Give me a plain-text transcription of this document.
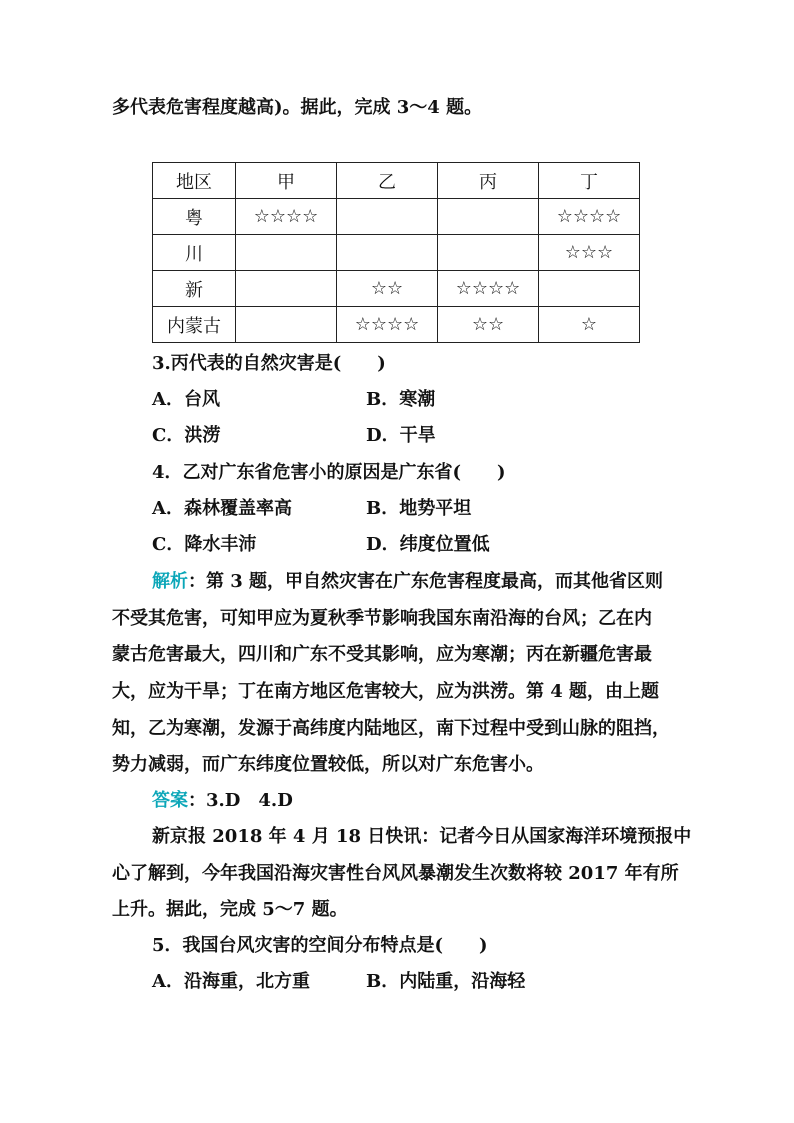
多代表危害程度越高)。据此，完成 3～4 题。
地区	甲	乙	丙	丁
粤	☆☆☆☆			☆☆☆☆
川				☆☆☆
新		☆☆	☆☆☆☆	
内蒙古		☆☆☆☆	☆☆	☆
3.丙代表的自然灾害是(　　)
A．台风	B．寒潮
C．洪涝	D．干旱
4．乙对广东省危害小的原因是广东省(　　)
A．森林覆盖率高	B．地势平坦
C．降水丰沛	D．纬度位置低
解析：第 3 题，甲自然灾害在广东危害程度最高，而其他省区则
不受其危害，可知甲应为夏秋季节影响我国东南沿海的台风；乙在内
蒙古危害最大，四川和广东不受其影响，应为寒潮；丙在新疆危害最
大，应为干旱；丁在南方地区危害较大，应为洪涝。第 4 题，由上题
知，乙为寒潮，发源于高纬度内陆地区，南下过程中受到山脉的阻挡，
势力减弱，而广东纬度位置较低，所以对广东危害小。
答案：3.D　4.D
新京报 2018 年 4 月 18 日快讯：记者今日从国家海洋环境预报中
心了解到，今年我国沿海灾害性台风风暴潮发生次数将较 2017 年有所
上升。据此，完成 5～7 题。
5．我国台风灾害的空间分布特点是(　　)
A．沿海重，北方重	B．内陆重，沿海轻
